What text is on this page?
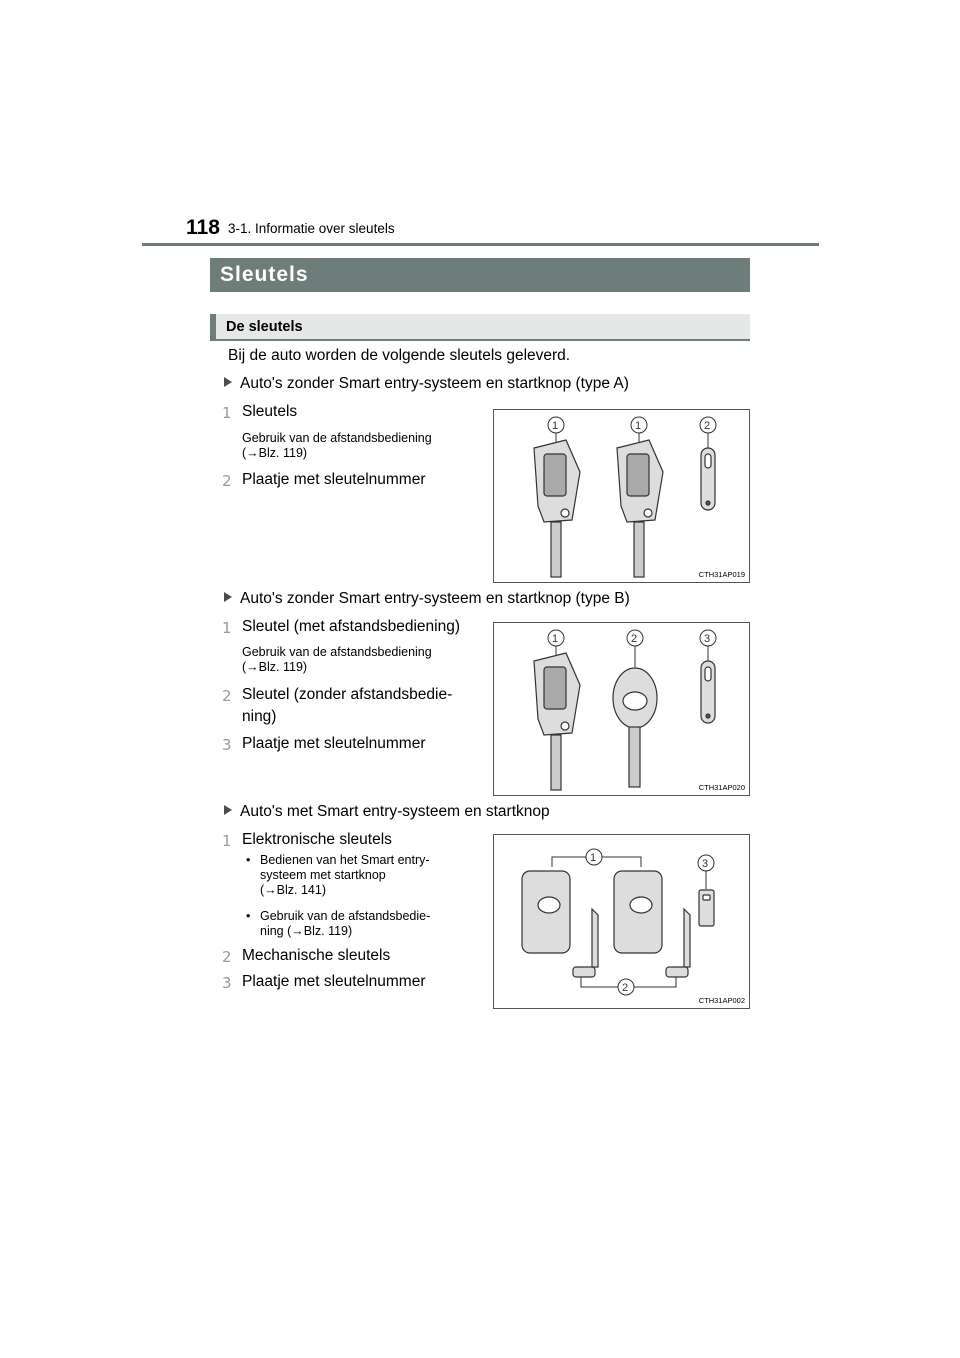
118 3-1. Informatie over sleutels
Sleutels
De sleutels
Bij de auto worden de volgende sleutels geleverd.
Auto's zonder Smart entry-systeem en startknop (type A)
1 Sleutels
Gebruik van de afstandsbediening
(→Blz. 119)
2 Plaatje met sleutelnummer
1	1	2
CTH31AP019
Auto's zonder Smart entry-systeem en startknop (type B)
1 Sleutel (met afstandsbediening)
Gebruik van de afstandsbediening
(→Blz. 119)
2 Sleutel (zonder afstandsbedie-
ning)
3 Plaatje met sleutelnummer
1	2	3
CTH31AP020
Auto's met Smart entry-systeem en startknop
1 Elektronische sleutels
• Bedienen van het Smart entry-
systeem met startknop
(→Blz. 141)
• Gebruik van de afstandsbedie-
ning (→Blz. 119)
2 Mechanische sleutels
3 Plaatje met sleutelnummer
1
2
3
CTH31AP002
